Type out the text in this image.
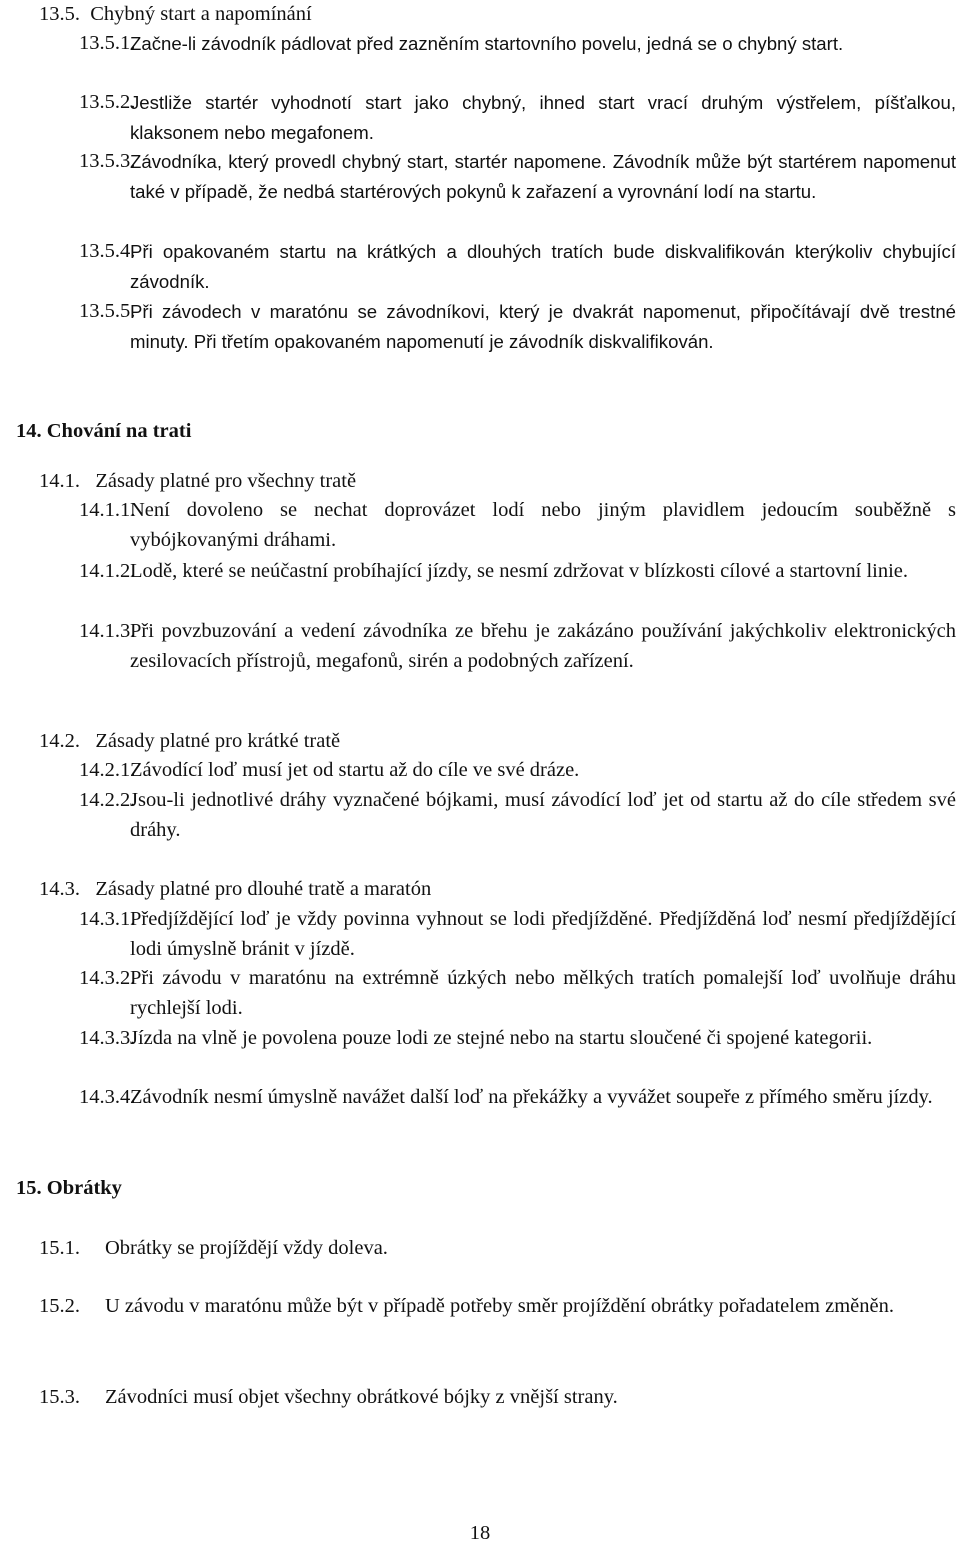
13.5. Chybný start a napomínání
13.5.1.
Začne-li závodník pádlovat před zazněním startovního povelu, jedná se o chybný start.
13.5.2.
Jestliže startér vyhodnotí start jako chybný, ihned start vrací druhým výstřelem, píšťalkou, klaksonem nebo megafonem.
13.5.3.
Závodníka, který provedl chybný start, startér napomene. Závodník může být startérem napomenut také v případě, že nedbá startérových pokynů k zařazení a vyrovnání lodí na startu.
13.5.4.
Při opakovaném startu na krátkých a dlouhých tratích bude diskvalifikován kterýkoliv chybující závodník.
13.5.5.
Při závodech v maratónu se závodníkovi, který je dvakrát napomenut, připočítávají dvě trestné minuty. Při třetím opakovaném napomenutí je závodník diskvalifikován.
14. Chování na trati
14.1. Zásady platné pro všechny tratě
14.1.1.
Není dovoleno se nechat doprovázet lodí nebo jiným plavidlem jedoucím souběžně s vybójkovanými dráhami.
14.1.2.
Lodě, které se neúčastní probíhající jízdy, se nesmí zdržovat v blízkosti cílové a startovní linie.
14.1.3.
Při povzbuzování a vedení závodníka ze břehu je zakázáno používání jakýchkoliv elektronických zesilovacích přístrojů, megafonů, sirén a podobných zařízení.
14.2. Zásady platné pro krátké tratě
14.2.1.
Závodící loď musí jet od startu až do cíle ve své dráze.
14.2.2.
Jsou-li jednotlivé dráhy vyznačené bójkami, musí závodící loď jet od startu až do cíle středem své dráhy.
14.3. Zásady platné pro dlouhé tratě a maratón
14.3.1.
Předjíždějící loď je vždy povinna vyhnout se lodi předjížděné. Předjížděná loď nesmí předjíždějící lodi úmyslně bránit v jízdě.
14.3.2.
Při závodu v maratónu na extrémně úzkých nebo mělkých tratích pomalejší loď uvolňuje dráhu rychlejší lodi.
14.3.3.
Jízda na vlně je povolena pouze lodi ze stejné nebo na startu sloučené či spojené kategorii.
14.3.4.
Závodník nesmí úmyslně navážet další loď na překážky a vyvážet soupeře z přímého směru jízdy.
15. Obrátky
15.1. Obrátky se projíždějí vždy doleva.
15.2. U závodu v maratónu může být v případě potřeby směr projíždění obrátky pořadatelem změněn.
15.3. Závodníci musí objet všechny obrátkové bójky z vnější strany.
18
